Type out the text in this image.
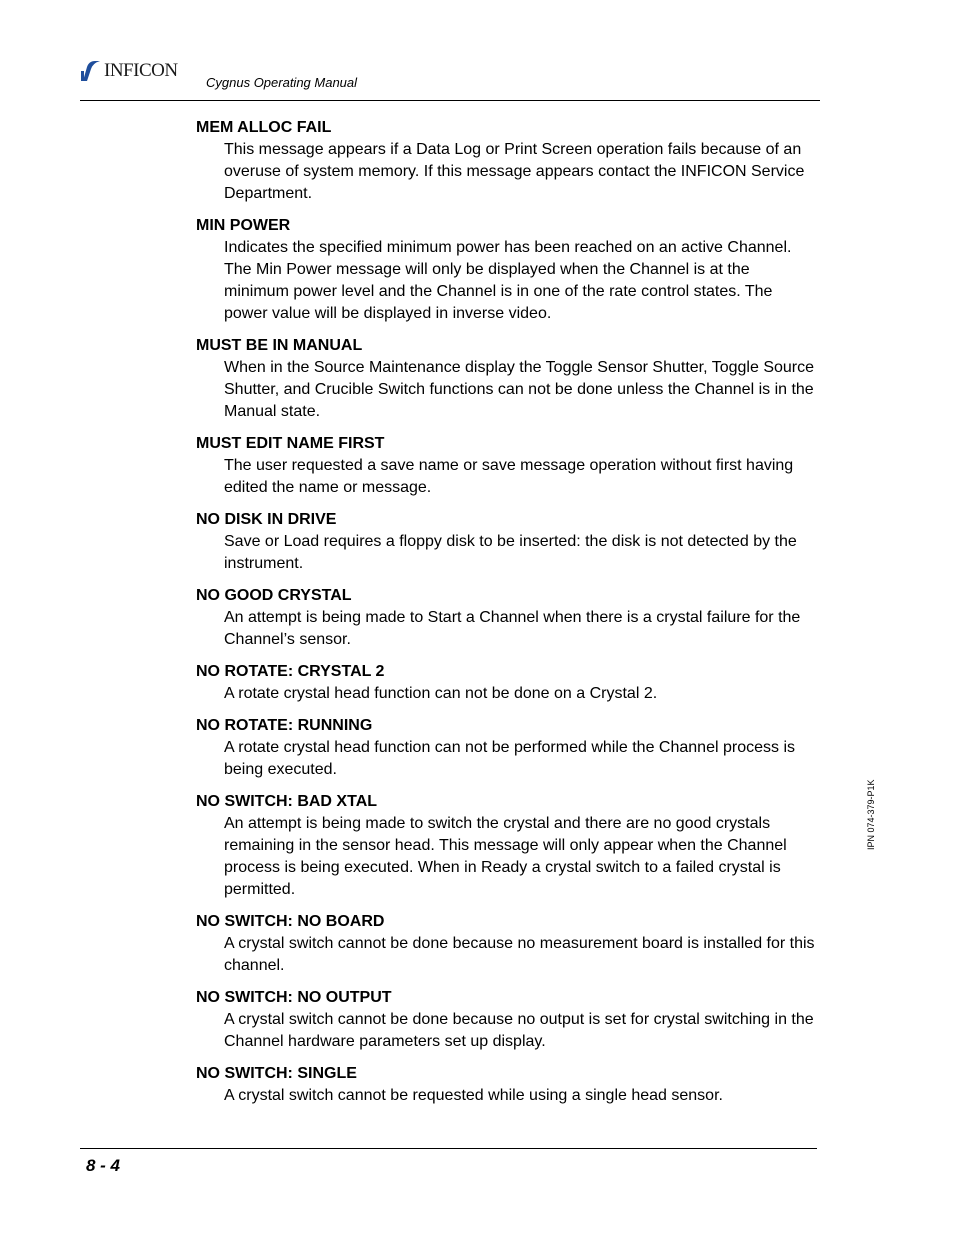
INFICON
Cygnus Operating Manual

MEM ALLOC FAIL

This message appears if a Data Log or Print Screen operation fails because of an overuse of system memory. If this message appears contact the INFICON Service Department.

MIN POWER

Indicates the specified minimum power has been reached on an active Channel. The Min Power message will only be displayed when the Channel is at the minimum power level and the Channel is in one of the rate control states. The power value will be displayed in inverse video.

MUST BE IN MANUAL

When in the Source Maintenance display the Toggle Sensor Shutter, Toggle Source Shutter, and Crucible Switch functions can not be done unless the Channel is in the Manual state.

MUST EDIT NAME FIRST

The user requested a save name or save message operation without first having edited the name or message.

NO DISK IN DRIVE

Save or Load requires a floppy disk to be inserted: the disk is not detected by the instrument.

NO GOOD CRYSTAL

An attempt is being made to Start a Channel when there is a crystal failure for the Channel’s sensor.

NO ROTATE: CRYSTAL 2

A rotate crystal head function can not be done on a Crystal 2.

NO ROTATE: RUNNING

A rotate crystal head function can not be performed while the Channel process is being executed.

NO SWITCH: BAD XTAL

An attempt is being made to switch the crystal and there are no good crystals remaining in the sensor head. This message will only appear when the Channel process is being executed. When in Ready a crystal switch to a failed crystal is permitted.

NO SWITCH: NO BOARD

A crystal switch cannot be done because no measurement board is installed for this channel.

NO SWITCH: NO OUTPUT

A crystal switch cannot be done because no output is set for crystal switching in the Channel hardware parameters set up display.

NO SWITCH: SINGLE

A crystal switch cannot be requested while using a single head sensor.

IPN 074-379-P1K
8 - 4
